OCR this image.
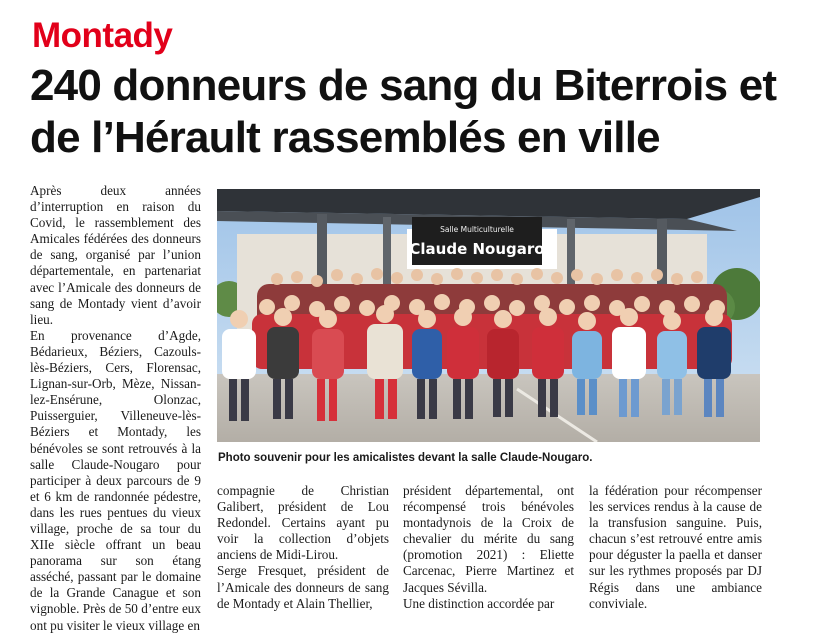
Montady
240 donneurs de sang du Biterrois et de l’Hérault rassemblés en ville

Après deux années d’interruption en raison du Covid, le rassemblement des Amicales fédérées des donneurs de sang, organisé par l’union départementale, en partenariat avec l’Amicale des donneurs de sang de Montady vient d’avoir lieu.

En provenance d’Agde, Bédarieux, Béziers, Cazouls-lès-Béziers, Cers, Florensac, Lignan-sur-Orb, Mèze, Nissan-lez-Ensérune, Olonzac, Puisserguier, Villeneuve-lès-Béziers et Montady, les bénévoles se sont retrouvés à la salle Claude-Nougaro pour participer à deux parcours de 9 et 6 km de randonnée pédestre, dans les rues pentues du vieux village, proche de sa tour du XIIe siècle offrant un beau panorama sur son étang asséché, passant par le domaine de la Grande Canague et son vignoble. Près de 50 d’entre eux ont pu visiter le vieux village en

Salle Multiculturelle
Claude Nougaro
Photo souvenir pour les amicalistes devant la salle Claude-Nougaro.

compagnie de Christian Galibert, président de Lou Redondel. Certains ayant pu voir la collection d’objets anciens de Midi-Lirou.

Serge Fresquet, président de l’Amicale des donneurs de sang de Montady et Alain Thellier,

président départemental, ont récompensé trois bénévoles montadynois de la Croix de chevalier du mérite du sang (promotion 2021) : Eliette Carcenac, Pierre Martinez et Jacques Sévilla.

Une distinction accordée par

la fédération pour récompenser les services rendus à la cause de la transfusion sanguine. Puis, chacun s’est retrouvé entre amis pour déguster la paella et danser sur les rythmes proposés par DJ Régis dans une ambiance conviviale.
